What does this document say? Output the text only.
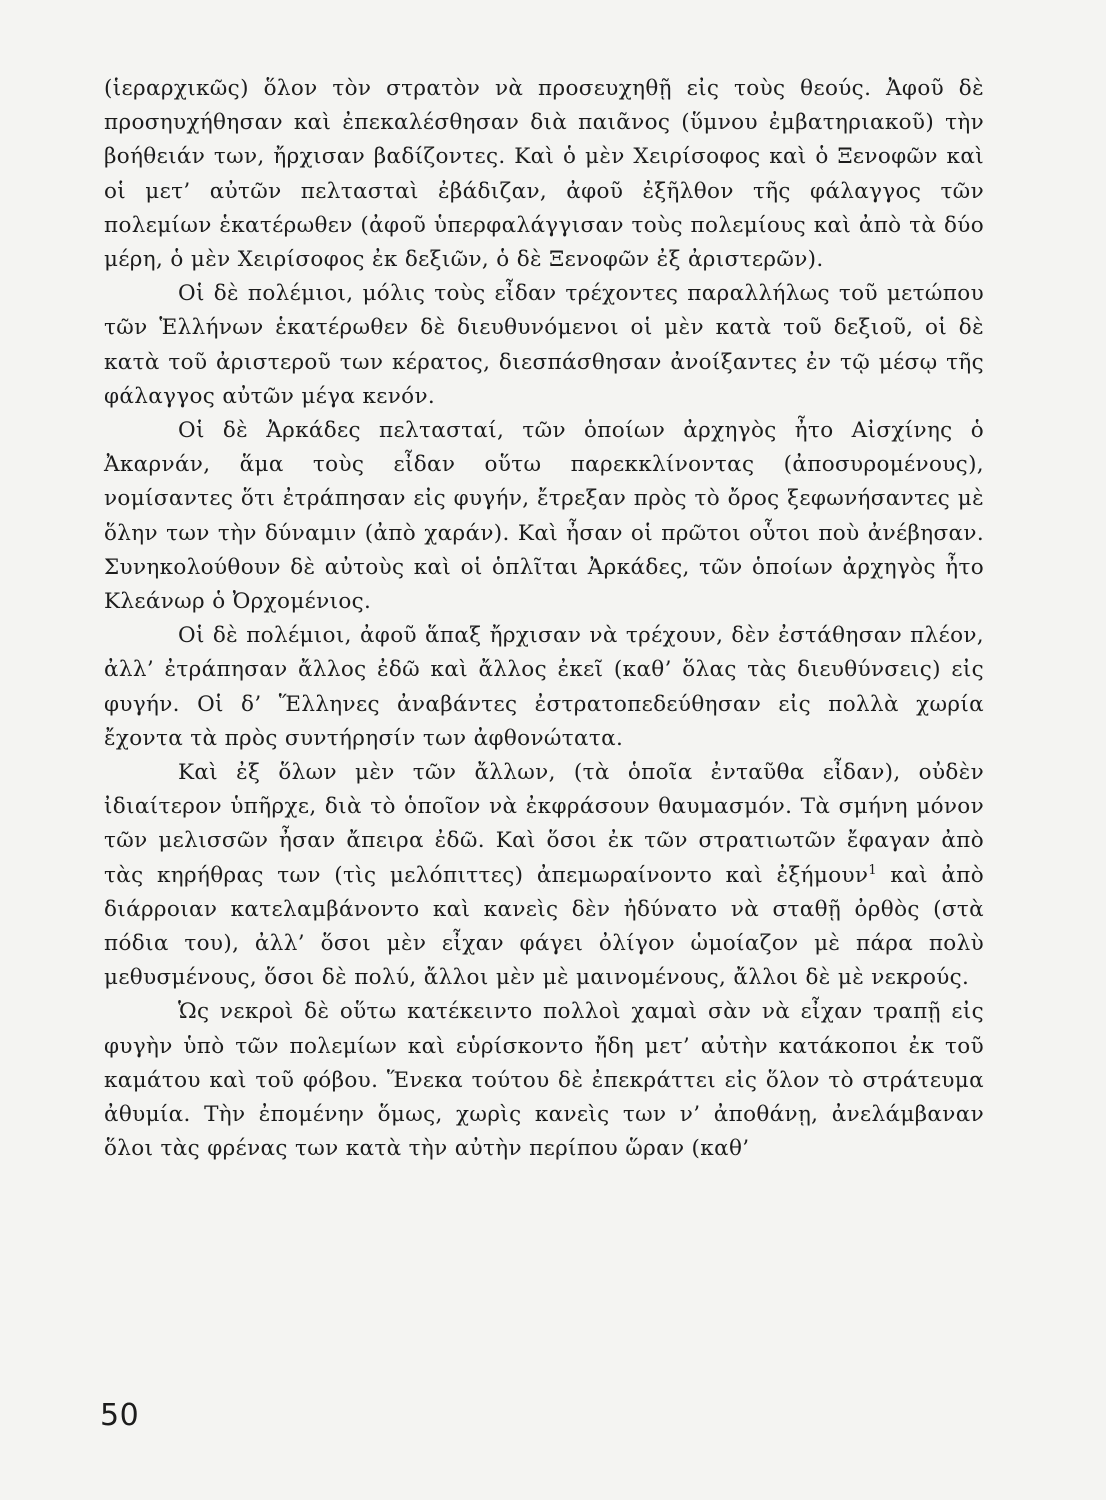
(ἱεραρχικῶς) ὅλον τὸν στρατὸν νὰ προσευχηθῇ εἰς τοὺς θεούς. Ἀφοῦ δὲ προσηυχήθησαν καὶ ἐπεκαλέσθησαν διὰ παιᾶνος (ὕμνου ἐμβατηριακοῦ) τὴν βοήθειάν των, ἤρχισαν βαδίζοντες. Καὶ ὁ μὲν Χειρίσοφος καὶ ὁ Ξενοφῶν καὶ οἱ μετ’ αὐτῶν πελτασταὶ ἐβάδιζαν, ἀφοῦ ἐξῆλθον τῆς φάλαγγος τῶν πολεμίων ἑκατέρωθεν (ἀφοῦ ὑπερφαλάγγισαν τοὺς πολεμίους καὶ ἀπὸ τὰ δύο μέρη, ὁ μὲν Χειρίσοφος ἐκ δεξιῶν, ὁ δὲ Ξενοφῶν ἐξ ἀριστερῶν).

Οἱ δὲ πολέμιοι, μόλις τοὺς εἶδαν τρέχοντες παραλλήλως τοῦ μετώπου τῶν Ἑλλήνων ἑκατέρωθεν δὲ διευθυνόμενοι οἱ μὲν κατὰ τοῦ δεξιοῦ, οἱ δὲ κατὰ τοῦ ἀριστεροῦ των κέρατος, διεσπάσθησαν ἀνοίξαντες ἐν τῷ μέσῳ τῆς φάλαγγος αὐτῶν μέγα κενόν.

Οἱ δὲ Ἀρκάδες πελτασταί, τῶν ὁποίων ἀρχηγὸς ἦτο Αἰσχίνης ὁ Ἀκαρνάν, ἅμα τοὺς εἶδαν οὕτω παρεκκλίνοντας (ἀποσυρομένους), νομίσαντες ὅτι ἐτράπησαν εἰς φυγήν, ἔτρεξαν πρὸς τὸ ὄρος ξεφωνήσαντες μὲ ὅλην των τὴν δύναμιν (ἀπὸ χαράν). Καὶ ἦσαν οἱ πρῶτοι οὗτοι ποὺ ἀνέβησαν. Συνηκολούθουν δὲ αὐτοὺς καὶ οἱ ὁπλῖται Ἀρκάδες, τῶν ὁποίων ἀρχηγὸς ἦτο Κλεάνωρ ὁ Ὀρχομένιος.

Οἱ δὲ πολέμιοι, ἀφοῦ ἅπαξ ἤρχισαν νὰ τρέχουν, δὲν ἐστάθησαν πλέον, ἀλλ’ ἐτράπησαν ἄλλος ἐδῶ καὶ ἄλλος ἐκεῖ (καθ’ ὅλας τὰς διευθύνσεις) εἰς φυγήν. Οἱ δ’ Ἕλληνες ἀναβάντες ἐστρατοπεδεύθησαν εἰς πολλὰ χωρία ἔχοντα τὰ πρὸς συντήρησίν των ἀφθονώτατα.

Καὶ ἐξ ὅλων μὲν τῶν ἄλλων, (τὰ ὁποῖα ἐνταῦθα εἶδαν), οὐδὲν ἰδιαίτερον ὑπῆρχε, διὰ τὸ ὁποῖον νὰ ἐκφράσουν θαυμασμόν. Τὰ σμήνη μόνον τῶν μελισσῶν ἦσαν ἄπειρα ἐδῶ. Καὶ ὅσοι ἐκ τῶν στρατιωτῶν ἔφαγαν ἀπὸ τὰς κηρήθρας των (τὶς μελόπιττες) ἀπεμωραίνοντο καὶ ἐξήμουν$^1$ καὶ ἀπὸ διάρροιαν κατελαμβάνοντο καὶ κανεὶς δὲν ἠδύνατο νὰ σταθῇ ὀρθὸς (στὰ πόδια του), ἀλλ’ ὅσοι μὲν εἶχαν φάγει ὀλίγον ὡμοίαζον μὲ πάρα πολὺ μεθυσμένους, ὅσοι δὲ πολύ, ἄλλοι μὲν μὲ μαινομένους, ἄλλοι δὲ μὲ νεκρούς.

Ὡς νεκροὶ δὲ οὕτω κατέκειντο πολλοὶ χαμαὶ σὰν νὰ εἶχαν τραπῇ εἰς φυγὴν ὑπὸ τῶν πολεμίων καὶ εὑρίσκοντο ἤδη μετ’ αὐτὴν κατάκοποι ἐκ τοῦ καμάτου καὶ τοῦ φόβου. Ἕνεκα τούτου δὲ ἐπεκράττει εἰς ὅλον τὸ στράτευμα ἀθυμία. Τὴν ἐπομένην ὅμως, χωρὶς κανεὶς των ν’ ἀποθάνῃ, ἀνελάμβαναν ὅλοι τὰς φρένας των κατὰ τὴν αὐτὴν περίπου ὥραν (καθ’

50
